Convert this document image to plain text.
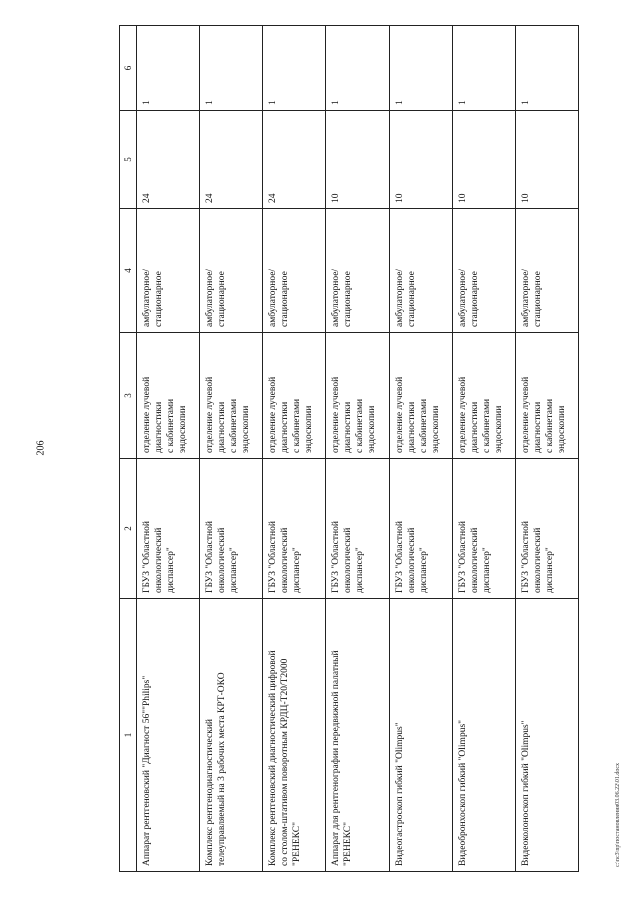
206
1	2	3	4	5	6
Аппарат рентгеновский "Диагност 56""Philips"	ГБУЗ "Областной
онкологический
диспансер"	отделение лучевой
диагностики
с кабинетами
эндоскопии	амбулаторное/
стационарное	24	1
Комплекс рентгенодиагностический
телеуправляемый на 3 рабочих места КРТ-ОКО	ГБУЗ "Областной
онкологический
диспансер"	отделение лучевой
диагностики
с кабинетами
эндоскопии	амбулаторное/
стационарное	24	1
Комплекс рентгеновский диагностический цифровой
со столом-штативом поворотным КРДЦ-Т20/Т2000
"РЕНЕКС"	ГБУЗ "Областной
онкологический
диспансер"	отделение лучевой
диагностики
с кабинетами
эндоскопии	амбулаторное/
стационарное	24	1
Аппарат для рентгенографии передвижной палатный
"РЕНЕКС"	ГБУЗ "Областной
онкологический
диспансер"	отделение лучевой
диагностики
с кабинетами
эндоскопии	амбулаторное/
стационарное	10	1
Видеогастроскоп гибкий "Olimpus"	ГБУЗ "Областной
онкологический
диспансер"	отделение лучевой
диагностики
с кабинетами
эндоскопии	амбулаторное/
стационарное	10	1
Видеобронхоскоп гибкий "Olimpus"	ГБУЗ "Областной
онкологический
диспансер"	отделение лучевой
диагностики
с кабинетами
эндоскопии	амбулаторное/
стационарное	10	1
Видеоколоноскоп гибкий "Olimpus"	ГБУЗ "Областной
онкологический
диспансер"	отделение лучевой
диагностики
с кабинетами
эндоскопии	амбулаторное/
стационарное	10	1
c:\nc3\np\постановления03.06.22\01.docx
